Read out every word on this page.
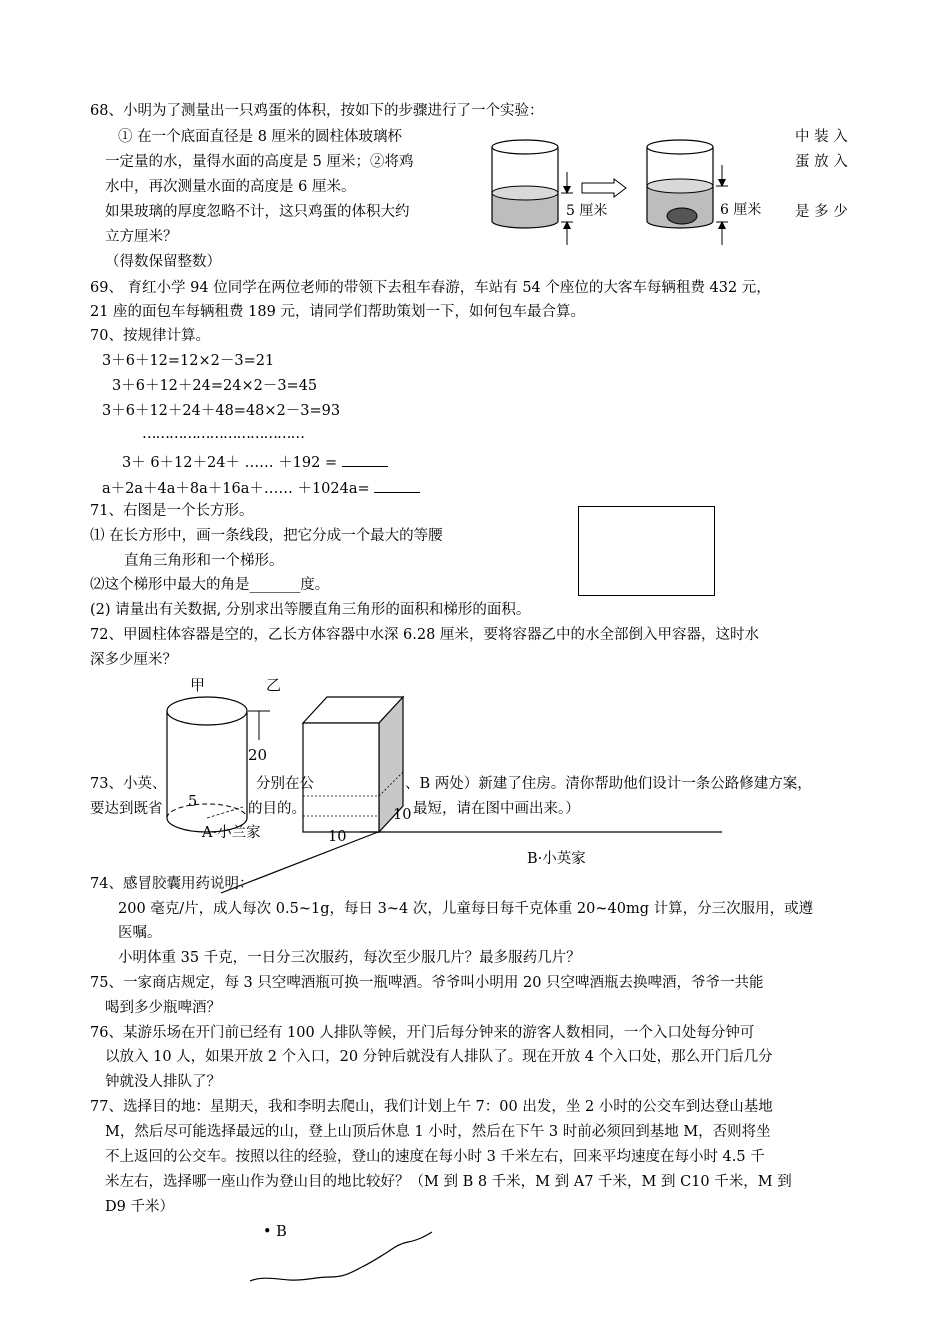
68、小明为了测量出一只鸡蛋的体积，按如下的步骤进行了一个实验：
① 在一个底面直径是 8 厘米的圆柱体玻璃杯
一定量的水，量得水面的高度是 5 厘米；②将鸡
水中，再次测量水面的高度是 6 厘米。
如果玻璃的厚度忽略不计，这只鸡蛋的体积大约
立方厘米？
（得数保留整数）
中 装 入
蛋 放 入
是 多 少
5 厘米	6 厘米
69、 育红小学 94 位同学在两位老师的带领下去租车春游，车站有 54 个座位的大客车每辆租费 432 元，
21 座的面包车每辆租费 189 元，请同学们帮助策划一下，如何包车最合算。
70、按规律计算。
3＋6＋12=12×2－3=21
3＋6＋12＋24=24×2－3=45
3＋6＋12＋24＋48=48×2－3=93
………………………………
3＋ 6＋12＋24＋ …… ＋192 =
a＋2a＋4a＋8a＋16a＋…… ＋1024a=
71、右图是一个长方形。
⑴ 在长方形中，画一条线段，把它分成一个最大的等腰
直角三角形和一个梯形。
⑵这个梯形中最大的角是_______度。
(2) 请量出有关数据, 分别求出等腰直角三角形的面积和梯形的面积。
72、甲圆柱体容器是空的，乙长方体容器中水深 6.28 厘米，要将容器乙中的水全部倒入甲容器，这时水
深多少厘米？
甲	乙
20
5
10
10
73、小英、	分别在公	、B 两处）新建了住房。清你帮助他们设计一条公路修建方案，
要达到既省	的目的。	最短，请在图中画出来。）
A·小兰家
B·小英家
74、感冒胶囊用药说明：
200 毫克/片，成人每次 0.5~1g，每日 3~4 次，儿童每日每千克体重 20~40mg 计算，分三次服用，或遵
医嘱。
小明体重 35 千克，一日分三次服药，每次至少服几片？最多服药几片？
75、一家商店规定，每 3 只空啤酒瓶可换一瓶啤酒。爷爷叫小明用 20 只空啤酒瓶去换啤酒，爷爷一共能
喝到多少瓶啤酒？
76、某游乐场在开门前已经有 100 人排队等候，开门后每分钟来的游客人数相同，一个入口处每分钟可
以放入 10 人，如果开放 2 个入口，20 分钟后就没有人排队了。现在开放 4 个入口处，那么开门后几分
钟就没人排队了？
77、选择目的地：星期天，我和李明去爬山，我们计划上午 7：00 出发，坐 2 小时的公交车到达登山基地
M，然后尽可能选择最远的山，登上山顶后休息 1 小时，然后在下午 3 时前必须回到基地 M，否则将坐
不上返回的公交车。按照以往的经验，登山的速度在每小时 3 千米左右，回来平均速度在每小时 4.5 千
米左右，选择哪一座山作为登山目的地比较好？（M 到 B 8 千米，M 到 A7 千米，M 到 C10 千米，M 到
D9 千米）
• B
